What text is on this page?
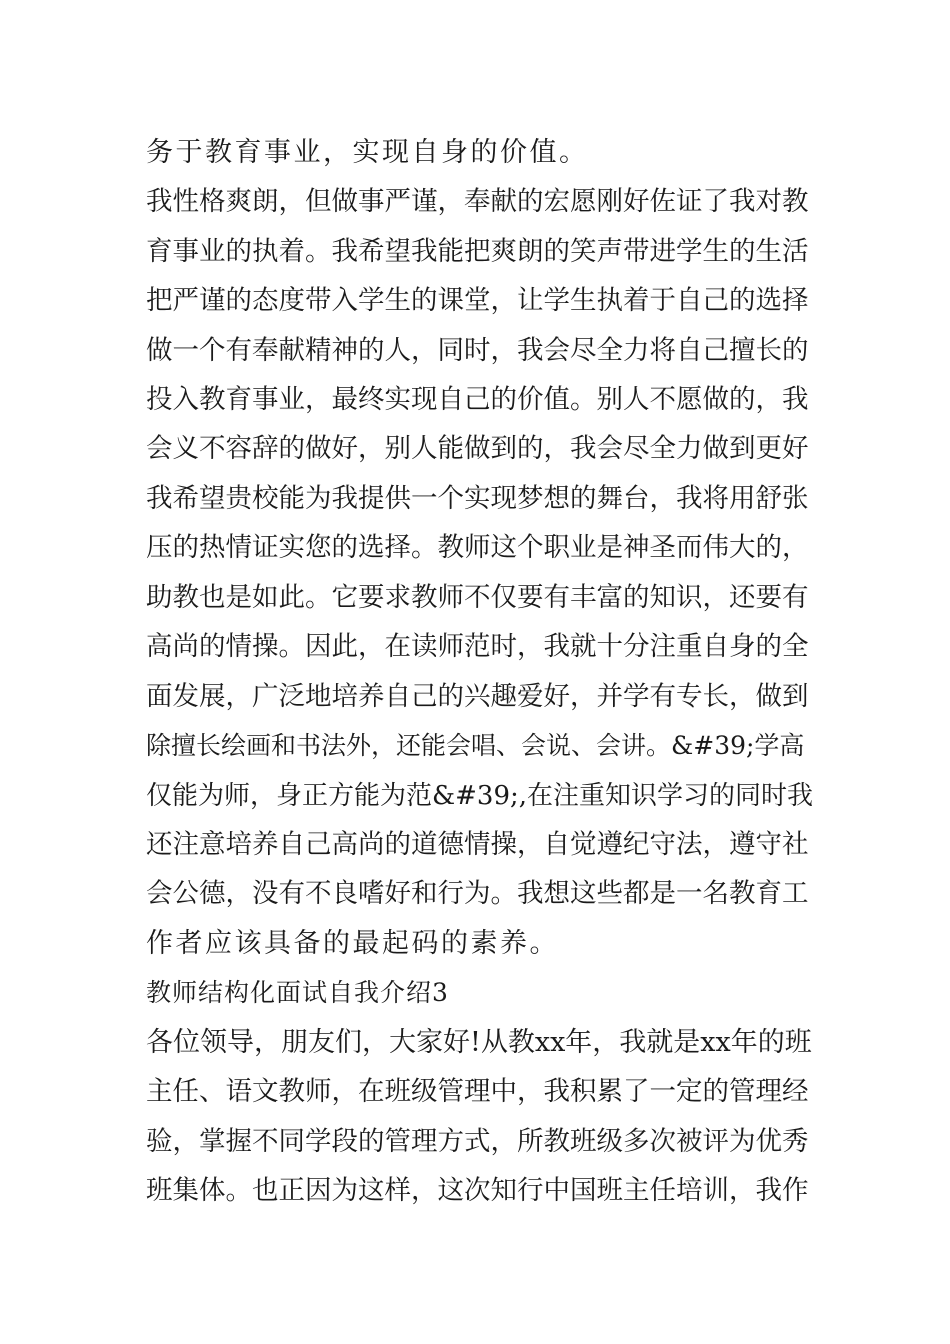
务于教育事业，实现自身的价值。

我性格爽朗，但做事严谨，奉献的宏愿刚好佐证了我对教

育事业的执着。我希望我能把爽朗的笑声带进学生的生活

把严谨的态度带入学生的课堂，让学生执着于自己的选择

做一个有奉献精神的人，同时，我会尽全力将自己擅长的

投入教育事业，最终实现自己的价值。别人不愿做的，我

会义不容辞的做好，别人能做到的，我会尽全力做到更好

我希望贵校能为我提供一个实现梦想的舞台，我将用舒张

压的热情证实您的选择。教师这个职业是神圣而伟大的，

助教也是如此。它要求教师不仅要有丰富的知识，还要有

高尚的情操。因此，在读师范时，我就十分注重自身的全

面发展，广泛地培养自己的兴趣爱好，并学有专长，做到

除擅长绘画和书法外，还能会唱、会说、会讲。&#39;学高

仅能为师，身正方能为范&#39;,在注重知识学习的同时我

还注意培养自己高尚的道德情操，自觉遵纪守法，遵守社

会公德，没有不良嗜好和行为。我想这些都是一名教育工

作者应该具备的最起码的素养。

教师结构化面试自我介绍3

各位领导，朋友们，大家好!从教xx年，我就是xx年的班

主任、语文教师，在班级管理中，我积累了一定的管理经

验，掌握不同学段的管理方式，所教班级多次被评为优秀

班集体。也正因为这样，这次知行中国班主任培训，我作
